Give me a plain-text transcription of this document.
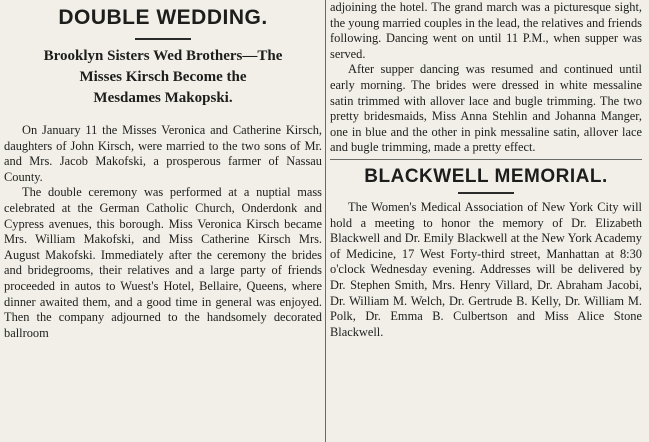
DOUBLE WEDDING.
Brooklyn Sisters Wed Brothers—The
Misses Kirsch Become the
Mesdames Makopski.

On January 11 the Misses Veronica and Catherine Kirsch, daughters of John Kirsch, were married to the two sons of Mr. and Mrs. Jacob Makofski, a prosperous farmer of Nassau County.

The double ceremony was performed at a nuptial mass celebrated at the German Catholic Church, Onderdonk and Cypress avenues, this borough. Miss Veronica Kirsch became Mrs. William Makofski, and Miss Catherine Kirsch Mrs. August Makofski. Immediately after the ceremony the brides and bridegrooms, their relatives and a large party of friends proceeded in autos to Wuest's Hotel, Bellaire, Queens, where dinner awaited them, and a good time in general was enjoyed. Then the company adjourned to the handsomely decorated ballroom

adjoining the hotel. The grand march was a picturesque sight, the young married couples in the lead, the relatives and friends following. Dancing went on until 11 P.M., when supper was served.

After supper dancing was resumed and continued until early morning. The brides were dressed in white messaline satin trimmed with allover lace and bugle trimming. The two pretty bridesmaids, Miss Anna Stehlin and Johanna Manger, one in blue and the other in pink messaline satin, allover lace and bugle trimming, made a pretty effect.

BLACKWELL MEMORIAL.

The Women's Medical Association of New York City will hold a meeting to honor the memory of Dr. Elizabeth Blackwell and Dr. Emily Blackwell at the New York Academy of Medicine, 17 West Forty-third street, Manhattan at 8:30 o'clock Wednesday evening. Addresses will be delivered by Dr. Stephen Smith, Mrs. Henry Villard, Dr. Abraham Jacobi, Dr. William M. Welch, Dr. Gertrude B. Kelly, Dr. William M. Polk, Dr. Emma B. Culbertson and Miss Alice Stone Blackwell.
